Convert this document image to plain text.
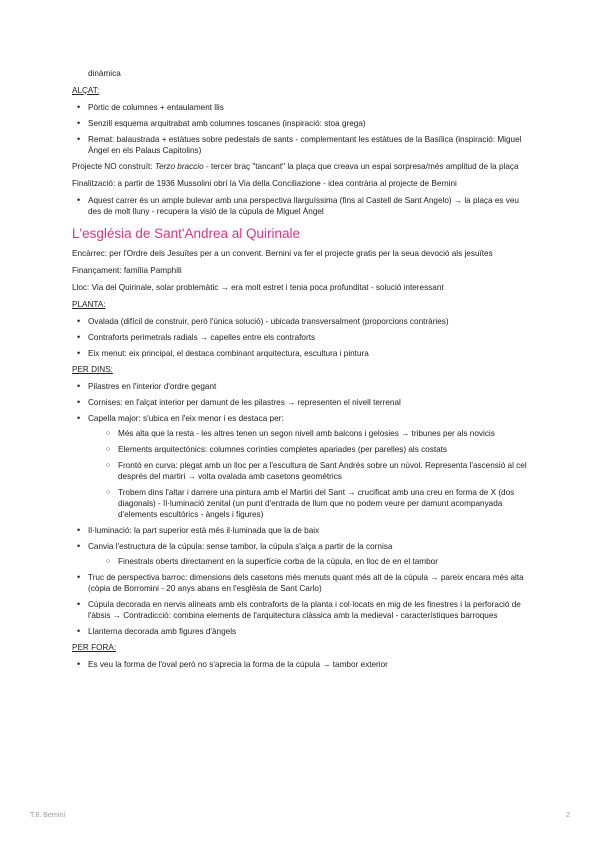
dinàmica

ALÇAT:

• Pòrtic de columnes + entaulament llis
• Senzill esquema arquitrabat amb columnes toscanes (inspiració: stoa grega)
• Remat: balaustrada + estàtues sobre pedestals de sants - complementant les estàtues de la Basílica (inspiració: Miguel Àngel en els Palaus Capitolins)

Projecte NO construït: Terzo braccio - tercer braç "tancant" la plaça que creava un espai sorpresa/més amplitud de la plaça

Finalització: a partir de 1936 Mussolini obrí la Via della Conciliazione - idea contrària al projecte de Bernini

• Aquest carrer és un ample bulevar amb una perspectiva llarguíssima (fins al Castell de Sant Angelo) → la plaça es veu des de molt lluny - recupera la visió de la cúpula de Miguel Àngel
L'església de Sant'Andrea al Quirinale

Encàrrec: per l'Ordre dels Jesuïtes per a un convent. Bernini va fer el projecte gratis per la seua devoció als jesuïtes

Finançament: família Pamphili

Lloc: Via del Quirinale, solar problemàtic → era molt estret i tenia poca profunditat - solució interessant

PLANTA:

• Ovalada (difícil de construir, però l'única solució) - ubicada transversalment (proporcions contràries)
• Contraforts perimetrals radials → capelles entre els contraforts
• Eix menut: eix principal, el destaca combinant arquitectura, escultura i pintura

PER DINS:

• Pilastres en l'interior d'ordre gegant
• Cornises: en l'alçat interior per damunt de les pilastres → representen el nivell terrenal
• Capella major: s'ubica en l'eix menor i es destaca per:
○ Més alta que la resta - les altres tenen un segon nivell amb balcons i gelosies → tribunes per als novicis
○ Elements arquitectònics: columnes corínties completes apariades (per parelles) als costats
○ Frontó en curva: plegat amb un lloc per a l'escultura de Sant Andrés sobre un núvol. Representa l'ascensió al cel després del martiri → volta ovalada amb casetons geomètrics
○ Trobem dins l'altar i darrere una pintura amb el Martiri del Sant → crucificat amb una creu en forma de X (dos diagonals) - Il·luminació zenital (un punt d'entrada de llum que no podem veure per damunt acompanyada d'elements escultòrics - àngels i figures)
• Il·luminació: la part superior està més il·luminada que la de baix
• Canvia l'estructura de la cúpula: sense tambor, la cúpula s'alça a partir de la cornisa
○ Finestrals oberts directament en la superfície corba de la cúpula, en lloc de en el tambor
• Truc de perspectiva barroc: dimensions dels casetons més menuts quant més alt de la cúpula → pareix encara més alta (còpia de Borromini - 20 anys abans en l'església de Sant Carlo)
• Cúpula decorada en nervis alineats amb els contraforts de la planta i col·locats en mig de les finestres i la perforació de l'àbsis → Contradicció: combina elements de l'arquitectura clàssica amb la medieval - característiques barroques
• Llanterna decorada amb figures d'àngels

PER FORA:

• Es veu la forma de l'oval però no s'aprecia la forma de la cúpula → tambor exterior
T.8. Bernini	2
